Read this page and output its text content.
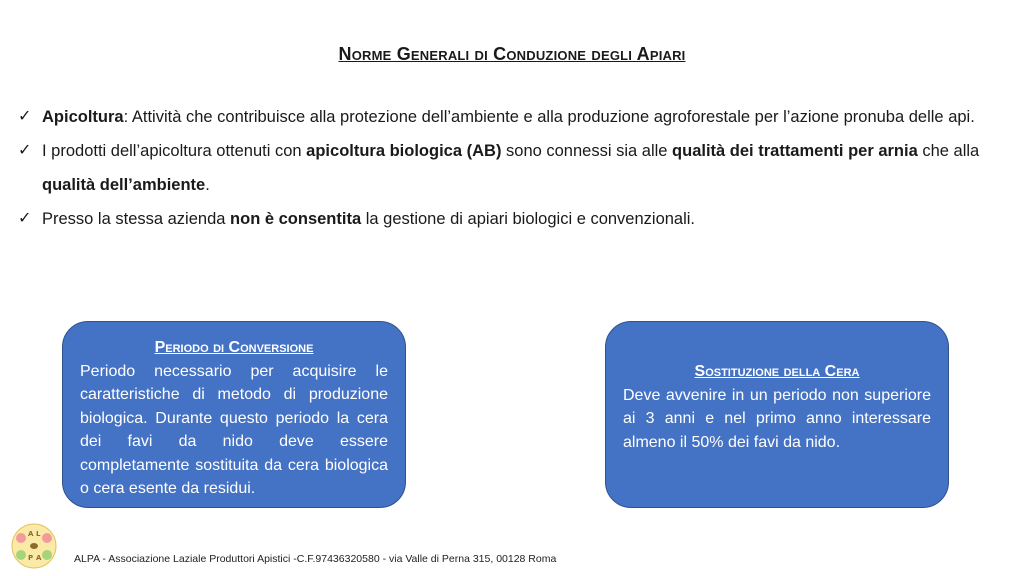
Norme Generali di Conduzione degli Apiari
✓ Apicoltura: Attività che contribuisce alla protezione dell’ambiente e alla produzione agroforestale per l’azione pronuba delle api.
✓ I prodotti dell’apicoltura ottenuti con apicoltura biologica (AB) sono connessi sia alle qualità dei trattamenti per arnia che alla qualità dell’ambiente.
✓ Presso la stessa azienda non è consentita la gestione di apiari biologici e convenzionali.
Periodo di Conversione
Periodo necessario per acquisire le caratteristiche di metodo di produzione biologica. Durante questo periodo la cera dei favi da nido deve essere completamente sostituita da cera biologica o cera esente da residui.
Sostituzione della Cera
Deve avvenire in un periodo non superiore ai 3 anni e nel primo anno interessare almeno il 50% dei favi da nido.
A L
P A	ALPA - Associazione Laziale Produttori Apistici -C.F.97436320580 - via Valle di Perna 315, 00128 Roma
